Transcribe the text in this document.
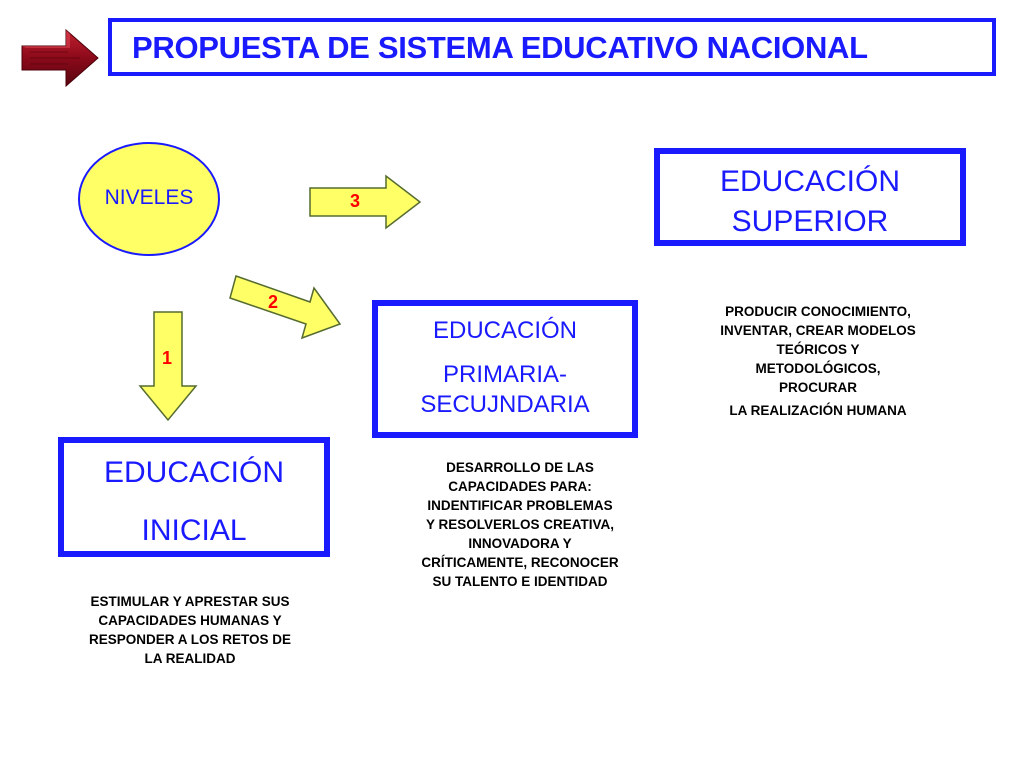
PROPUESTA DE SISTEMA EDUCATIVO NACIONAL
NIVELES	3
2
1
EDUCACIÓN
SUPERIOR
EDUCACIÓN
PRIMARIA-
SECUJNDARIA
EDUCACIÓN
INICIAL
PRODUCIR CONOCIMIENTO,
INVENTAR, CREAR MODELOS
TEÓRICOS Y
METODOLÓGICOS,
PROCURAR
LA REALIZACIÓN HUMANA
DESARROLLO DE LAS
CAPACIDADES PARA:
INDENTIFICAR PROBLEMAS
Y RESOLVERLOS CREATIVA,
INNOVADORA Y
CRÍTICAMENTE, RECONOCER
SU TALENTO E IDENTIDAD
ESTIMULAR Y APRESTAR SUS
CAPACIDADES HUMANAS Y
RESPONDER A LOS RETOS DE
LA REALIDAD
